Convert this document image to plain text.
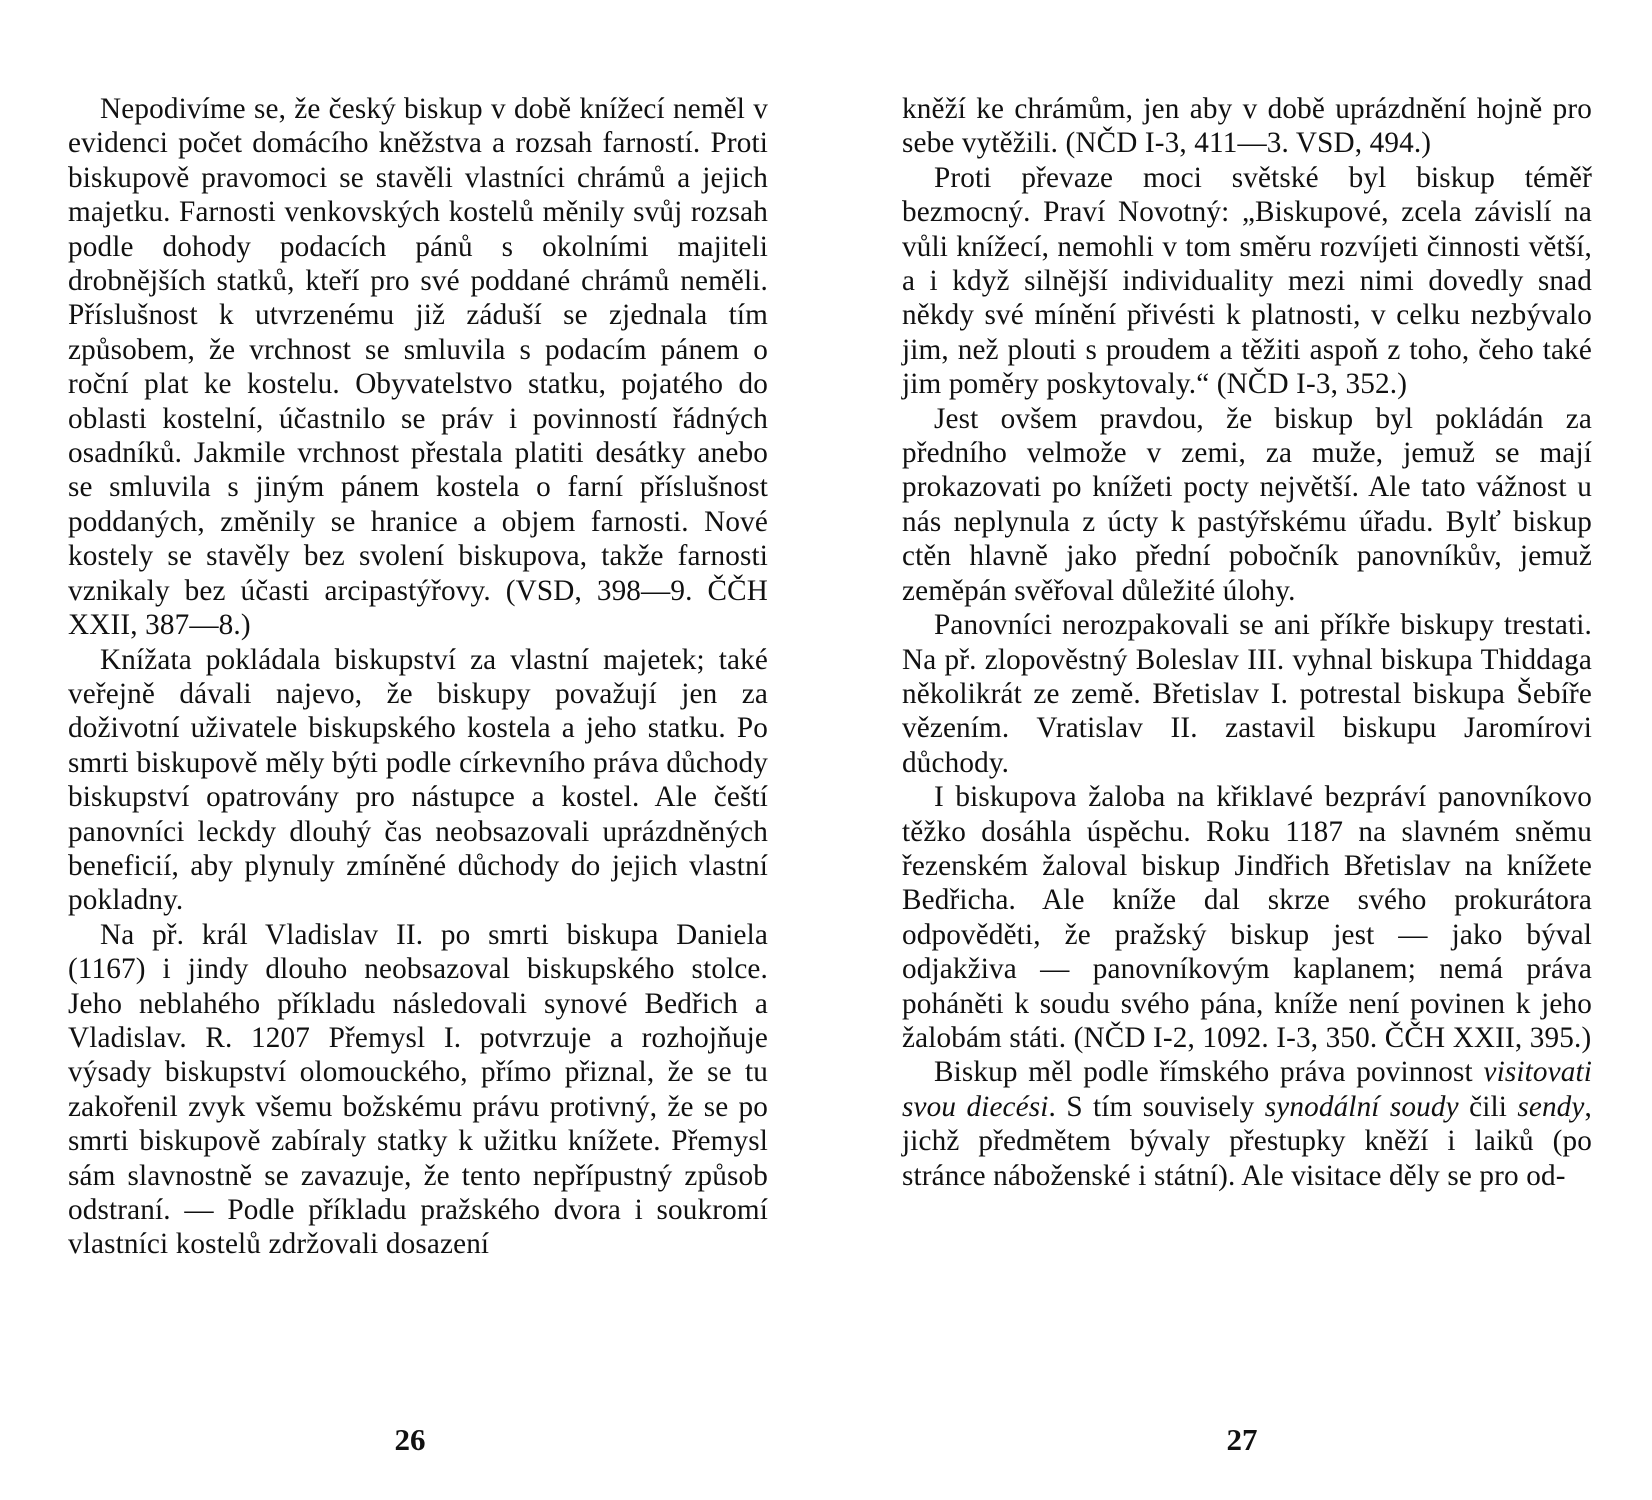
Nepodivíme se, že český biskup v době knížecí neměl v evidenci počet domácího kněžstva a rozsah farností. Proti biskupově pravomoci se stavěli vlastníci chrámů a jejich majetku. Farnosti venkovských kostelů měnily svůj rozsah podle dohody podacích pánů s okolními majiteli drobnějších statků, kteří pro své poddané chrámů neměli. Příslušnost k utvrzenému již záduší se zjednala tím způsobem, že vrchnost se smluvila s podacím pánem o roční plat ke kostelu. Obyvatelstvo statku, pojatého do oblasti kostelní, účastnilo se práv i povinností řádných osadníků. Jakmile vrchnost přestala platiti desátky anebo se smluvila s jiným pánem kostela o farní příslušnost poddaných, změnily se hranice a objem farnosti. Nové kostely se stavěly bez svolení biskupova, takže farnosti vznikaly bez účasti arcipastýřovy. (VSD, 398—9. ČČH XXII, 387—8.)

Knížata pokládala biskupství za vlastní majetek; také veřejně dávali najevo, že biskupy považují jen za doživotní uživatele biskupského kostela a jeho statku. Po smrti biskupově měly býti podle církevního práva důchody biskupství opatrovány pro nástupce a kostel. Ale čeští panovníci leckdy dlouhý čas neobsazovali uprázdněných beneficií, aby plynuly zmíněné důchody do jejich vlastní pokladny.

Na př. král Vladislav II. po smrti biskupa Daniela (1167) i jindy dlouho neobsazoval biskupského stolce. Jeho neblahého příkladu následovali synové Bedřich a Vladislav. R. 1207 Přemysl I. potvrzuje a rozhojňuje výsady biskupství olomouckého, přímo přiznal, že se tu zakořenil zvyk všemu božskému právu protivný, že se po smrti biskupově zabíraly statky k užitku knížete. Přemysl sám slavnostně se zavazuje, že tento nepřípustný způsob odstraní. — Podle příkladu pražského dvora i soukromí vlastníci kostelů zdržovali dosazení

26

kněží ke chrámům, jen aby v době uprázdnění hojně pro sebe vytěžili. (NČD I-3, 411—3. VSD, 494.)

Proti převaze moci světské byl biskup téměř bezmocný. Praví Novotný: „Biskupové, zcela závislí na vůli knížecí, nemohli v tom směru rozvíjeti činnosti větší, a i když silnější individuality mezi nimi dovedly snad někdy své mínění přivésti k platnosti, v celku nezbývalo jim, než plouti s proudem a těžiti aspoň z toho, čeho také jim poměry poskytovaly.“ (NČD I-3, 352.)

Jest ovšem pravdou, že biskup byl pokládán za předního velmože v zemi, za muže, jemuž se mají prokazovati po knížeti pocty největší. Ale tato vážnost u nás neplynula z úcty k pastýřskému úřadu. Bylť biskup ctěn hlavně jako přední pobočník panovníkův, jemuž zeměpán svěřoval důležité úlohy.

Panovníci nerozpakovali se ani příkře biskupy trestati. Na př. zlopověstný Boleslav III. vyhnal biskupa Thiddaga několikrát ze země. Břetislav I. potrestal biskupa Šebíře vězením. Vratislav II. zastavil biskupu Jaromírovi důchody.

I biskupova žaloba na křiklavé bezpráví panovníkovo těžko dosáhla úspěchu. Roku 1187 na slavném sněmu řezenském žaloval biskup Jindřich Břetislav na knížete Bedřicha. Ale kníže dal skrze svého prokurátora odpověděti, že pražský biskup jest — jako býval odjakživa — panovníkovým kaplanem; nemá práva poháněti k soudu svého pána, kníže není povinen k jeho žalobám státi. (NČD I-2, 1092. I-3, 350. ČČH XXII, 395.)

Biskup měl podle římského práva povinnost visitovati svou diecési. S tím souvisely synodální soudy čili sendy, jichž předmětem bývaly přestupky kněží i laiků (po stránce náboženské i státní). Ale visitace děly se pro od-

27
